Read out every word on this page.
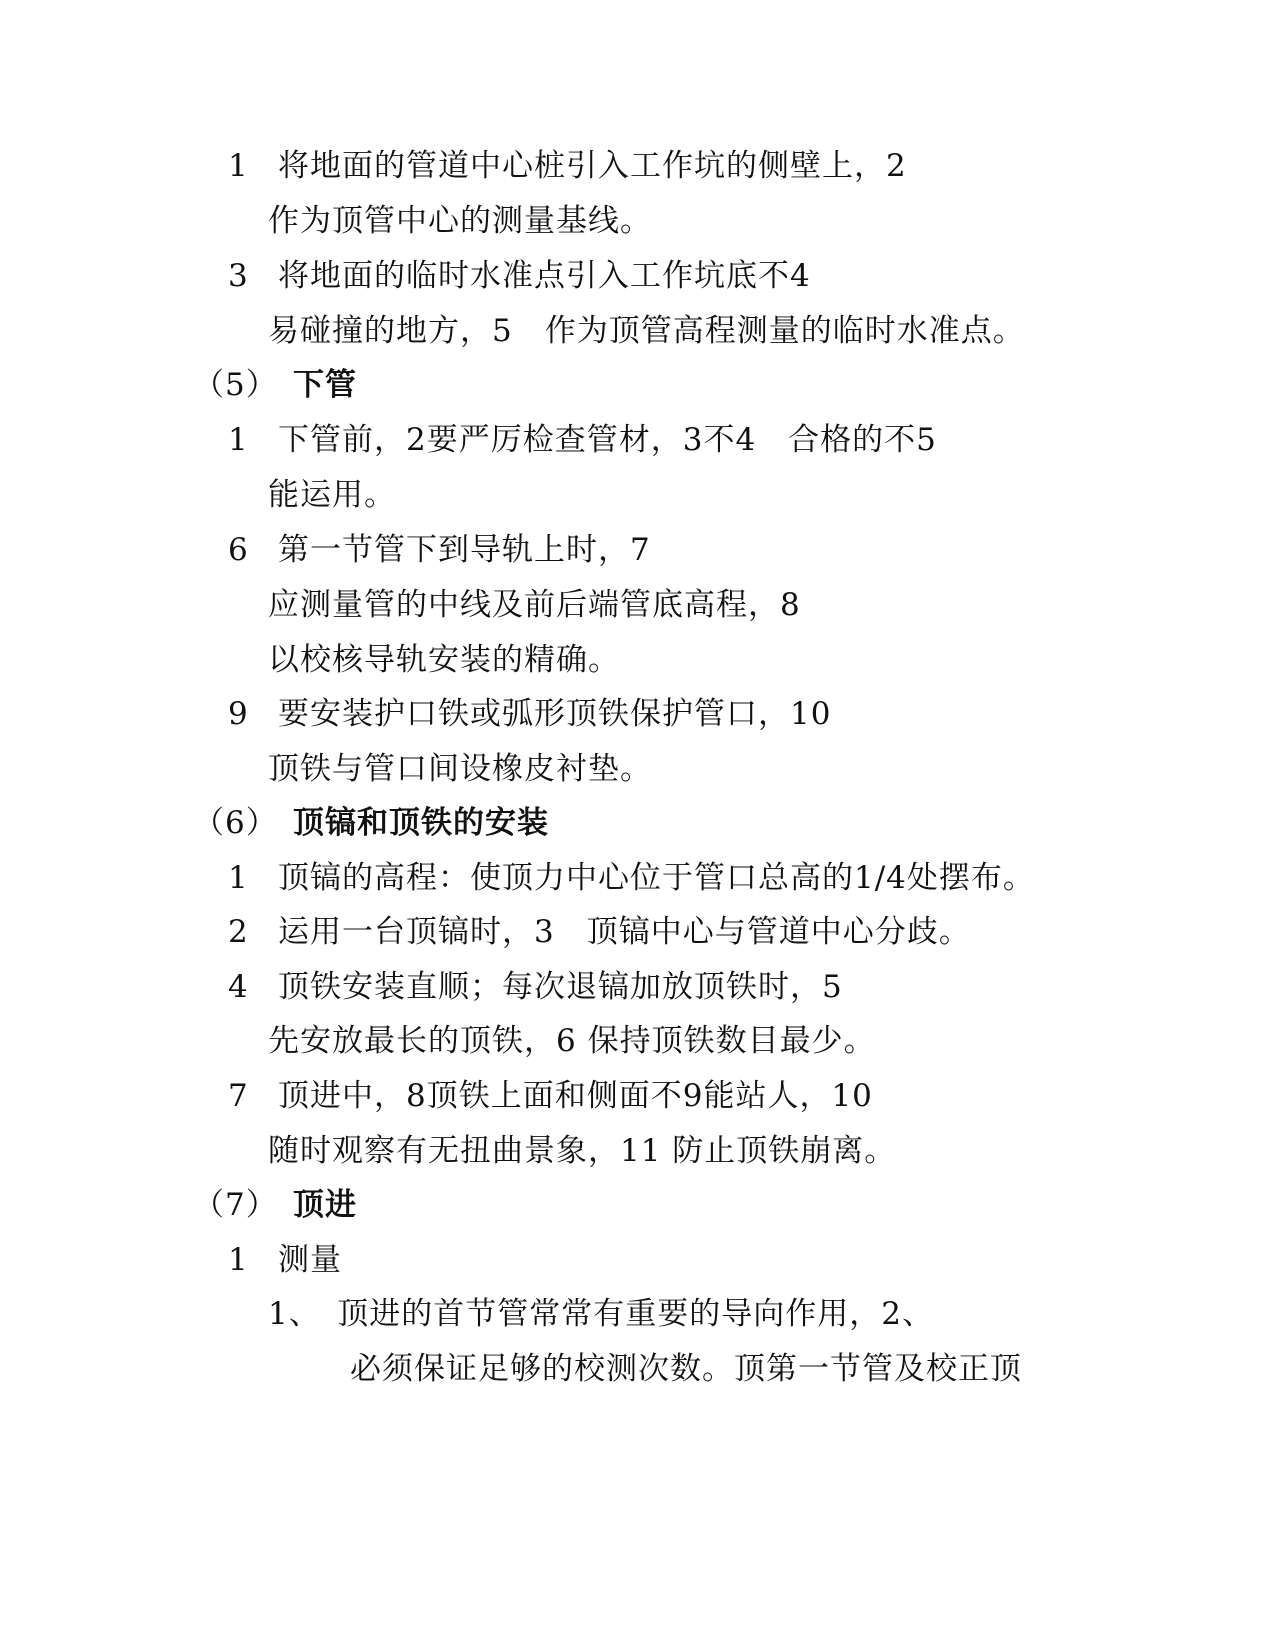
1 将地面的管道中心桩引入工作坑的侧壁上，2
作为顶管中心的测量基线。
3 将地面的临时水准点引入工作坑底不4
易碰撞的地方，5　作为顶管高程测量的临时水准点。
（5） 下管
1 下管前，2要严厉检查管材，3不4　合格的不5
能运用。
6 第一节管下到导轨上时，7
应测量管的中线及前后端管底高程，8
以校核导轨安装的精确。
9 要安装护口铁或弧形顶铁保护管口，10
顶铁与管口间设橡皮衬垫。
（6） 顶镐和顶铁的安装
1 顶镐的高程：使顶力中心位于管口总高的1/4处摆布。
2 运用一台顶镐时，3　顶镐中心与管道中心分歧。
4 顶铁安装直顺；每次退镐加放顶铁时，5
先安放最长的顶铁，6 保持顶铁数目最少。
7 顶进中，8顶铁上面和侧面不9能站人，10
随时观察有无扭曲景象，11 防止顶铁崩离。
（7） 顶进
1 测量
1、　顶进的首节管常常有重要的导向作用，2、
必须保证足够的校测次数。顶第一节管及校正顶
